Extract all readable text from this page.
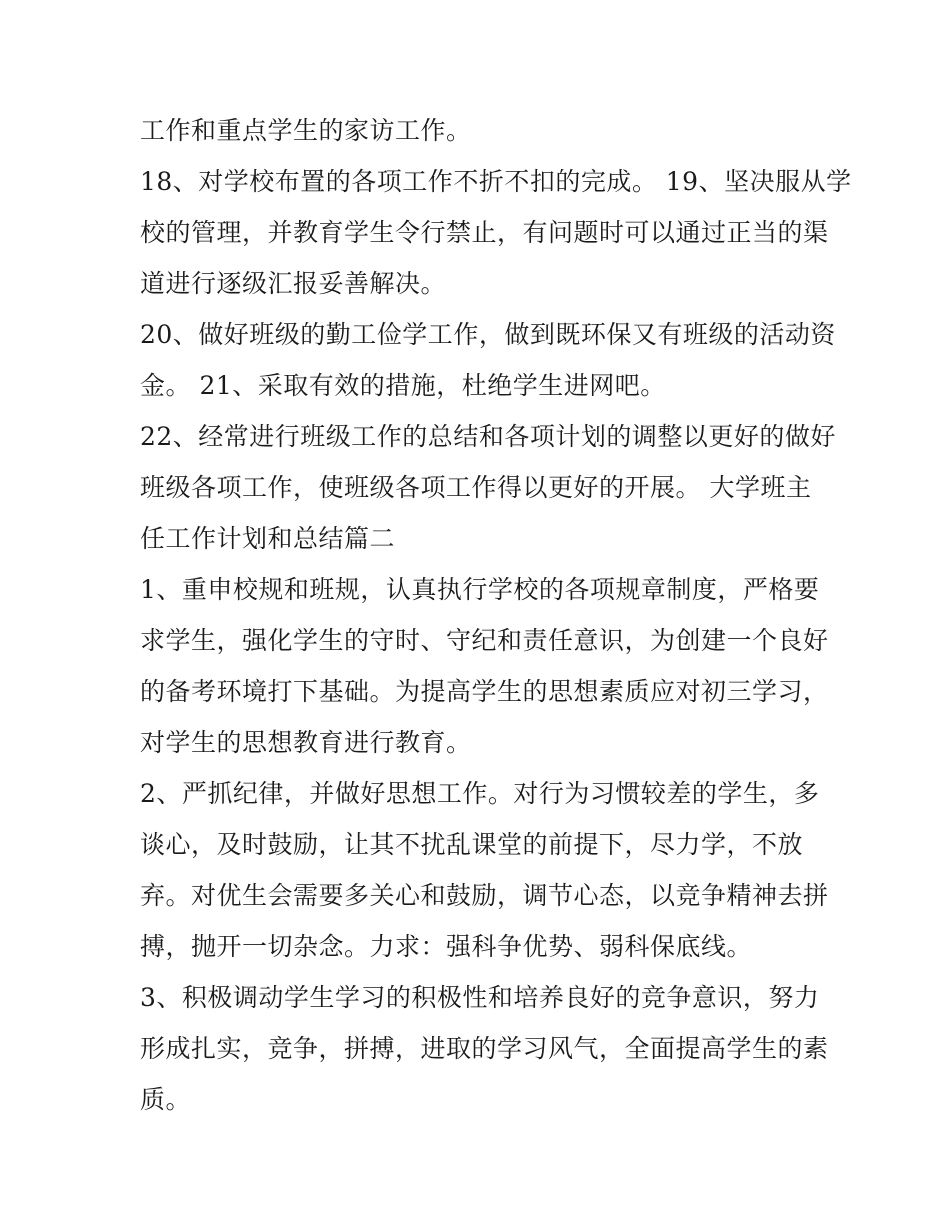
工作和重点学生的家访工作。
18、对学校布置的各项工作不折不扣的完成。 19、坚决服从学
校的管理，并教育学生令行禁止，有问题时可以通过正当的渠
道进行逐级汇报妥善解决。
20、做好班级的勤工俭学工作，做到既环保又有班级的活动资
金。 21、采取有效的措施，杜绝学生进网吧。
22、经常进行班级工作的总结和各项计划的调整以更好的做好
班级各项工作，使班级各项工作得以更好的开展。 大学班主
任工作计划和总结篇二
1、重申校规和班规，认真执行学校的各项规章制度，严格要
求学生，强化学生的守时、守纪和责任意识，为创建一个良好
的备考环境打下基础。为提高学生的思想素质应对初三学习，
对学生的思想教育进行教育。
2、严抓纪律，并做好思想工作。对行为习惯较差的学生，多
谈心，及时鼓励，让其不扰乱课堂的前提下，尽力学，不放
弃。对优生会需要多关心和鼓励，调节心态，以竞争精神去拼
搏，抛开一切杂念。力求：强科争优势、弱科保底线。
3、积极调动学生学习的积极性和培养良好的竞争意识，努力
形成扎实，竞争，拼搏，进取的学习风气，全面提高学生的素
质。
